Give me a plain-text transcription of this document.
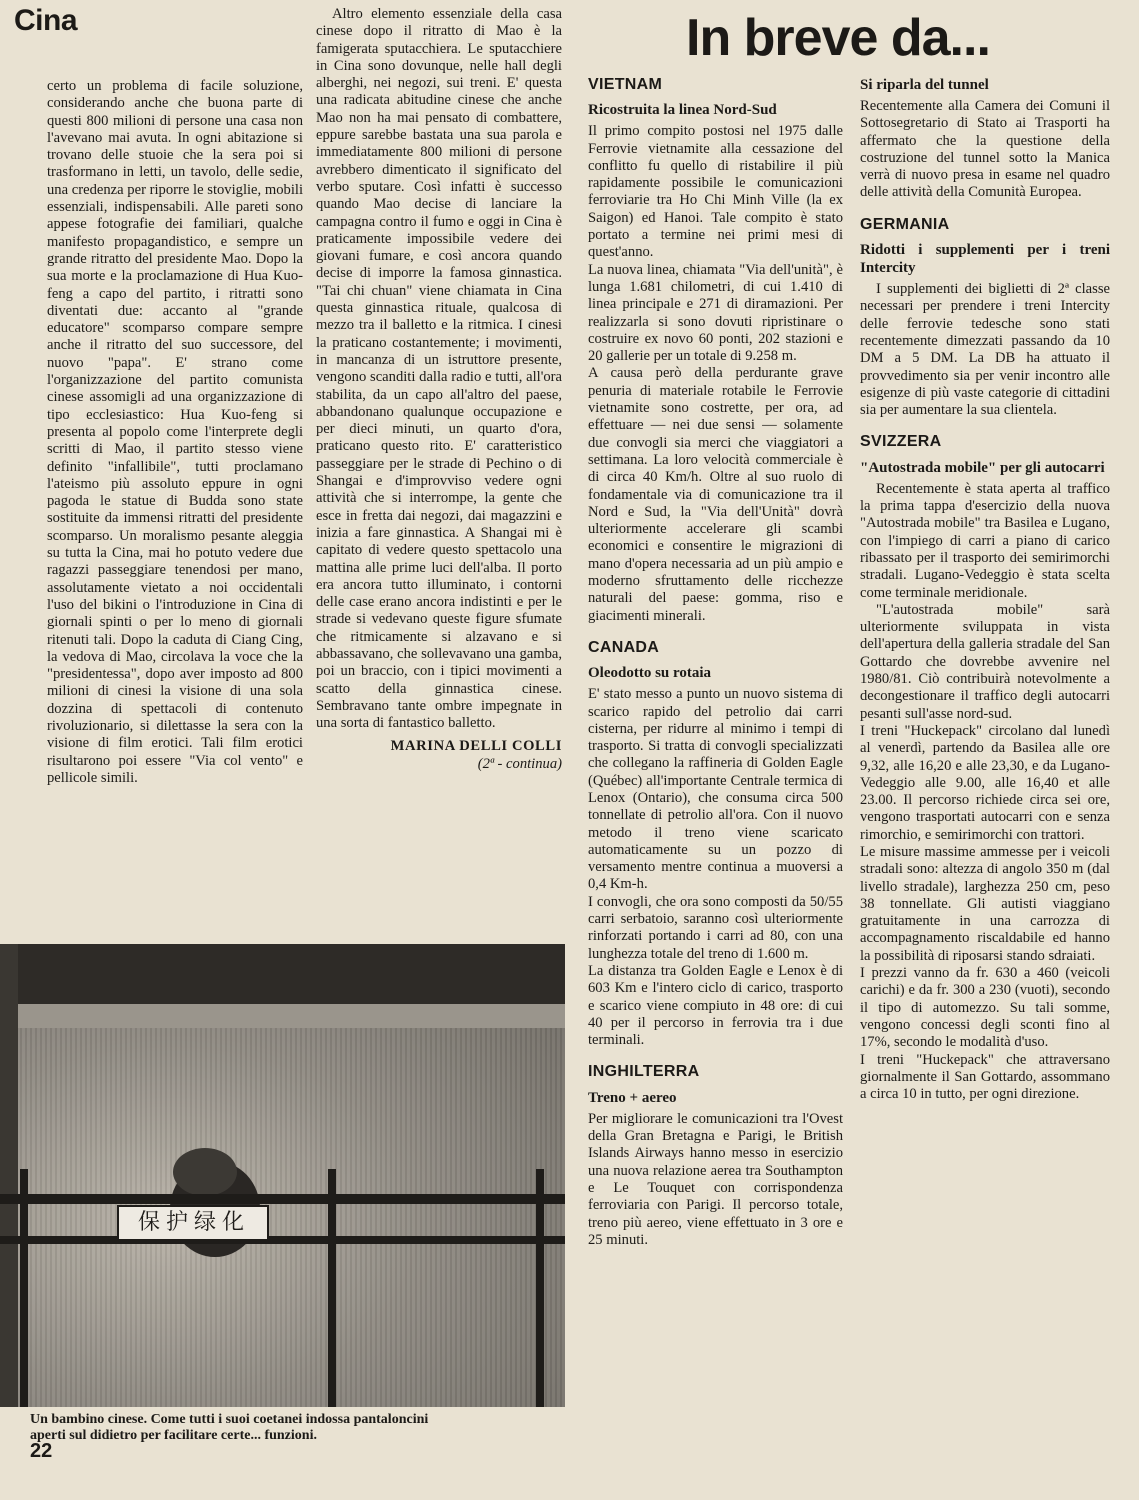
Cina	In breve da...

certo un problema di facile soluzione, considerando anche che buona parte di questi 800 milioni di persone una casa non l'avevano mai avuta. In ogni abitazione si trovano delle stuoie che la sera poi si trasformano in letti, un tavolo, delle sedie, una credenza per riporre le stoviglie, mobili essenziali, indispensabili. Alle pareti sono appese fotografie dei familiari, qualche manifesto propagandistico, e sempre un grande ritratto del presidente Mao. Dopo la sua morte e la proclamazione di Hua Kuo-feng a capo del partito, i ritratti sono diventati due: accanto al "grande educatore" scomparso compare sempre anche il ritratto del suo successore, del nuovo "papa". E' strano come l'organizzazione del partito comunista cinese assomigli ad una organizzazione di tipo ecclesiastico: Hua Kuo-feng si presenta al popolo come l'interprete degli scritti di Mao, il partito stesso viene definito "infallibile", tutti proclamano l'ateismo più assoluto eppure in ogni pagoda le statue di Budda sono state sostituite da immensi ritratti del presidente scomparso. Un moralismo pesante aleggia su tutta la Cina, mai ho potuto vedere due ragazzi passeggiare tenendosi per mano, assolutamente vietato a noi occidentali l'uso del bikini o l'introduzione in Cina di giornali spinti o per lo meno di giornali ritenuti tali. Dopo la caduta di Ciang Cing, la vedova di Mao, circolava la voce che la "presidentessa", dopo aver imposto ad 800 milioni di cinesi la visione di una sola dozzina di spettacoli di contenuto rivoluzionario, si dilettasse la sera con la visione di film erotici. Tali film erotici risultarono poi essere "Via col vento" e pellicole simili.

Altro elemento essenziale della casa cinese dopo il ritratto di Mao è la famigerata sputacchiera. Le sputacchiere in Cina sono dovunque, nelle hall degli alberghi, nei negozi, sui treni. E' questa una radicata abitudine cinese che anche Mao non ha mai pensato di combattere, eppure sarebbe bastata una sua parola e immediatamente 800 milioni di persone avrebbero dimenticato il significato del verbo sputare. Così infatti è successo quando Mao decise di lanciare la campagna contro il fumo e oggi in Cina è praticamente impossibile vedere dei giovani fumare, e così ancora quando decise di imporre la famosa ginnastica. "Tai chi chuan" viene chiamata in Cina questa ginnastica rituale, qualcosa di mezzo tra il balletto e la ritmica. I cinesi la praticano costantemente; i movimenti, in mancanza di un istruttore presente, vengono scanditi dalla radio e tutti, all'ora stabilita, da un capo all'altro del paese, abbandonano qualunque occupazione e per dieci minuti, un quarto d'ora, praticano questo rito. E' caratteristico passeggiare per le strade di Pechino o di Shangai e d'improvviso vedere ogni attività che si interrompe, la gente che esce in fretta dai negozi, dai magazzini e inizia a fare ginnastica. A Shangai mi è capitato di vedere questo spettacolo una mattina alle prime luci dell'alba. Il porto era ancora tutto illuminato, i contorni delle case erano ancora indistinti e per le strade si vedevano queste figure sfumate che ritmicamente si alzavano e si abbassavano, che sollevavano una gamba, poi un braccio, con i tipici movimenti a scatto della ginnastica cinese. Sembravano tante ombre impegnate in una sorta di fantastico balletto.

MARINA DELLI COLLI
(2ª - continua)
保护绿化
Un bambino cinese. Come tutti i suoi coetanei indossa pantaloncini aperti sul didietro per facilitare certe... funzioni.
22
VIETNAM
Ricostruita la linea Nord-Sud

Il primo compito postosi nel 1975 dalle Ferrovie vietnamite alla cessazione del conflitto fu quello di ristabilire il più rapidamente possibile le comunicazioni ferroviarie tra Ho Chi Minh Ville (la ex Saigon) ed Hanoi. Tale compito è stato portato a termine nei primi mesi di quest'anno.

La nuova linea, chiamata "Via dell'unità", è lunga 1.681 chilometri, di cui 1.410 di linea principale e 271 di diramazioni. Per realizzarla si sono dovuti ripristinare o costruire ex novo 60 ponti, 202 stazioni e 20 gallerie per un totale di 9.258 m.

A causa però della perdurante grave penuria di materiale rotabile le Ferrovie vietnamite sono costrette, per ora, ad effettuare — nei due sensi — solamente due convogli sia merci che viaggiatori a settimana. La loro velocità commerciale è di circa 40 Km/h. Oltre al suo ruolo di fondamentale via di comunicazione tra il Nord e Sud, la "Via dell'Unità" dovrà ulteriormente accelerare gli scambi economici e consentire le migrazioni di mano d'opera necessaria ad un più ampio e moderno sfruttamento delle ricchezze naturali del paese: gomma, riso e giacimenti minerali.

CANADA
Oleodotto su rotaia

E' stato messo a punto un nuovo sistema di scarico rapido del petrolio dai carri cisterna, per ridurre al minimo i tempi di trasporto. Si tratta di convogli specializzati che collegano la raffineria di Golden Eagle (Québec) all'importante Centrale termica di Lenox (Ontario), che consuma circa 500 tonnellate di petrolio all'ora. Con il nuovo metodo il treno viene scaricato automaticamente su un pozzo di versamento mentre continua a muoversi a 0,4 Km-h.

I convogli, che ora sono composti da 50/55 carri serbatoio, saranno così ulteriormente rinforzati portando i carri ad 80, con una lunghezza totale del treno di 1.600 m.

La distanza tra Golden Eagle e Lenox è di 603 Km e l'intero ciclo di carico, trasporto e scarico viene compiuto in 48 ore: di cui 40 per il percorso in ferrovia tra i due terminali.

INGHILTERRA
Treno + aereo

Per migliorare le comunicazioni tra l'Ovest della Gran Bretagna e Parigi, le British Islands Airways hanno messo in esercizio una nuova relazione aerea tra Southampton e Le Touquet con corrispondenza ferroviaria con Parigi. Il percorso totale, treno più aereo, viene effettuato in 3 ore e 25 minuti.

Si riparla del tunnel

Recentemente alla Camera dei Comuni il Sottosegretario di Stato ai Trasporti ha affermato che la questione della costruzione del tunnel sotto la Manica verrà di nuovo presa in esame nel quadro delle attività della Comunità Europea.

GERMANIA
Ridotti i supplementi per i treni Intercity

I supplementi dei biglietti di 2ª classe necessari per prendere i treni Intercity delle ferrovie tedesche sono stati recentemente dimezzati passando da 10 DM a 5 DM. La DB ha attuato il provvedimento sia per venir incontro alle esigenze di più vaste categorie di cittadini sia per aumentare la sua clientela.

SVIZZERA
"Autostrada mobile" per gli autocarri

Recentemente è stata aperta al traffico la prima tappa d'esercizio della nuova "Autostrada mobile" tra Basilea e Lugano, con l'impiego di carri a piano di carico ribassato per il trasporto dei semirimorchi stradali. Lugano-Vedeggio è stata scelta come terminale meridionale.

"L'autostrada mobile" sarà ulteriormente sviluppata in vista dell'apertura della galleria stradale del San Gottardo che dovrebbe avvenire nel 1980/81. Ciò contribuirà notevolmente a decongestionare il traffico degli autocarri pesanti sull'asse nord-sud.

I treni "Huckepack" circolano dal lunedì al venerdì, partendo da Basilea alle ore 9,32, alle 16,20 e alle 23,30, e da Lugano-Vedeggio alle 9.00, alle 16,40 et alle 23.00. Il percorso richiede circa sei ore, vengono trasportati autocarri con e senza rimorchio, e semirimorchi con trattori.

Le misure massime ammesse per i veicoli stradali sono: altezza di angolo 350 m (dal livello stradale), larghezza 250 cm, peso 38 tonnellate. Gli autisti viaggiano gratuitamente in una carrozza di accompagnamento riscaldabile ed hanno la possibilità di riposarsi stando sdraiati.

I prezzi vanno da fr. 630 a 460 (veicoli carichi) e da fr. 300 a 230 (vuoti), secondo il tipo di automezzo. Su tali somme, vengono concessi degli sconti fino al 17%, secondo le modalità d'uso.

I treni "Huckepack" che attraversano giornalmente il San Gottardo, assommano a circa 10 in tutto, per ogni direzione.
